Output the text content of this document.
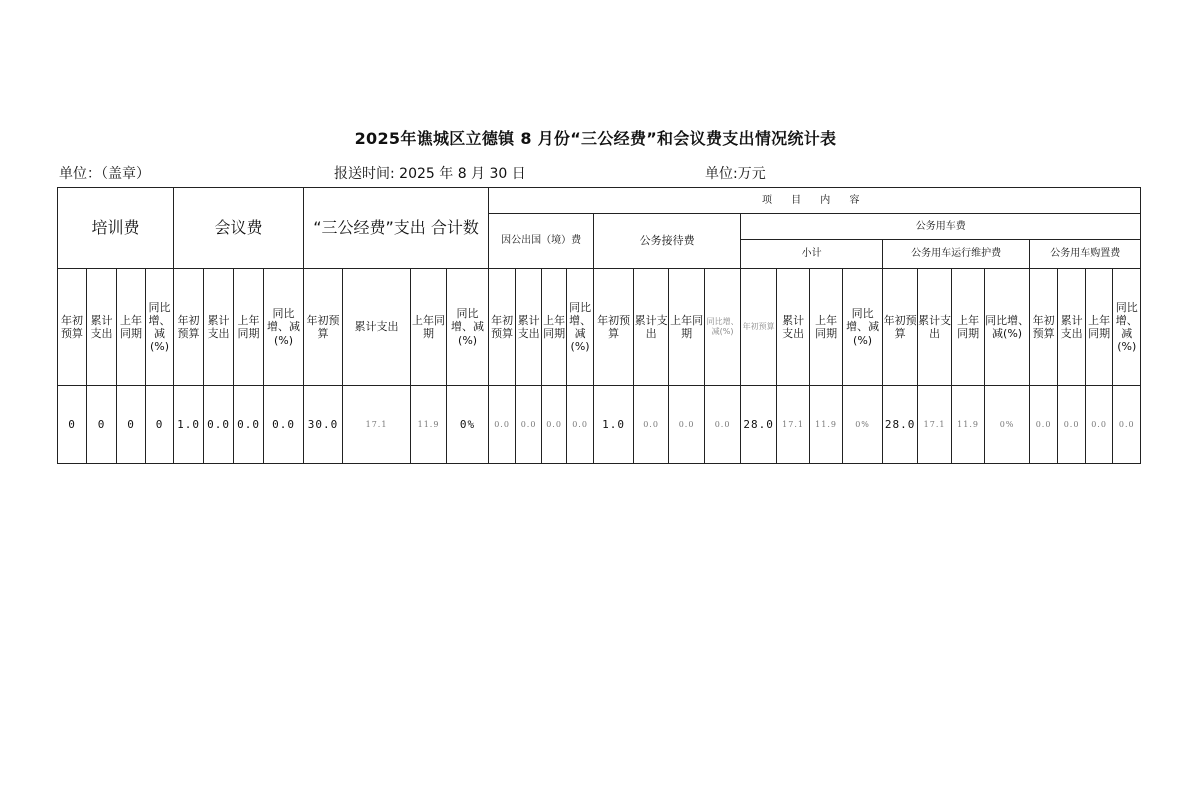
2025年谯城区立德镇 8 月份“三公经费”和会议费支出情况统计表
单位：（盖章）	报送时间: 2025 年 8 月 30 日	单位:万元
培训费				会议费				“三公经费”支出 合计数				项 目 内 容																			
												因公出国（境）费				公务接待费				公务用车费											
																				小计				公务用车运行维护费				公务用车购置费			
年初预算	累计支出	上年同期	同比增、减(%)	年初预算	累计支出	上年同期	同比增、减(%)	年初预算	累计支出	上年同期	同比增、减(%)	年初预算	累计支出	上年同期	同比增、减(%)	年初预算	累计支出	上年同期	同比增、减(%)	年初预算	累计支出	上年同期	同比增、减(%)	年初预算	累计支出	上年同期	同比增、减(%)	年初预算	累计支出	上年同期	同比增、减(%)
0	0	0	0	1.0	0.0	0.0	0.0	30.0	17.1	11.9	0%	0.0	0.0	0.0	0.0	1.0	0.0	0.0	0.0	28.0	17.1	11.9	0%	28.0	17.1	11.9	0%	0.0	0.0	0.0	0.0
